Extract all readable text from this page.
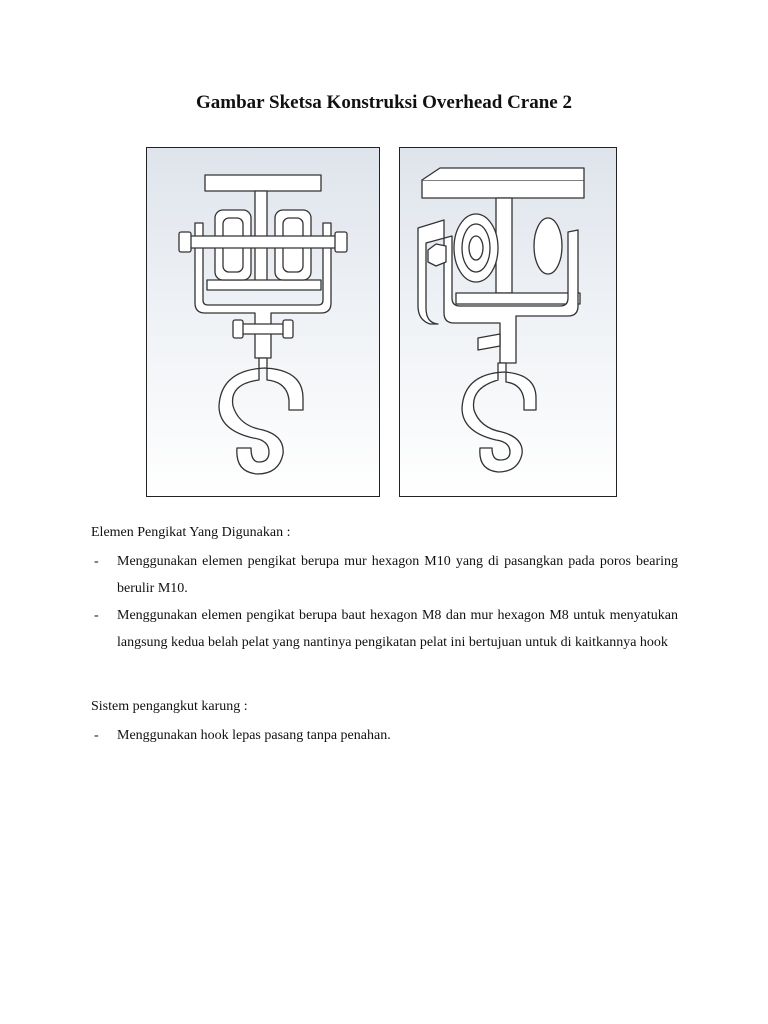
Gambar Sketsa Konstruksi Overhead Crane 2
Elemen Pengikat Yang Digunakan :
- Menggunakan elemen pengikat berupa mur hexagon M10 yang di pasangkan pada poros bearing berulir M10.
- Menggunakan elemen pengikat berupa baut hexagon M8 dan mur hexagon M8 untuk menyatukan langsung kedua belah pelat yang nantinya pengikatan pelat ini bertujuan untuk di kaitkannya hook
Sistem pengangkut karung :
- Menggunakan hook lepas pasang tanpa penahan.
